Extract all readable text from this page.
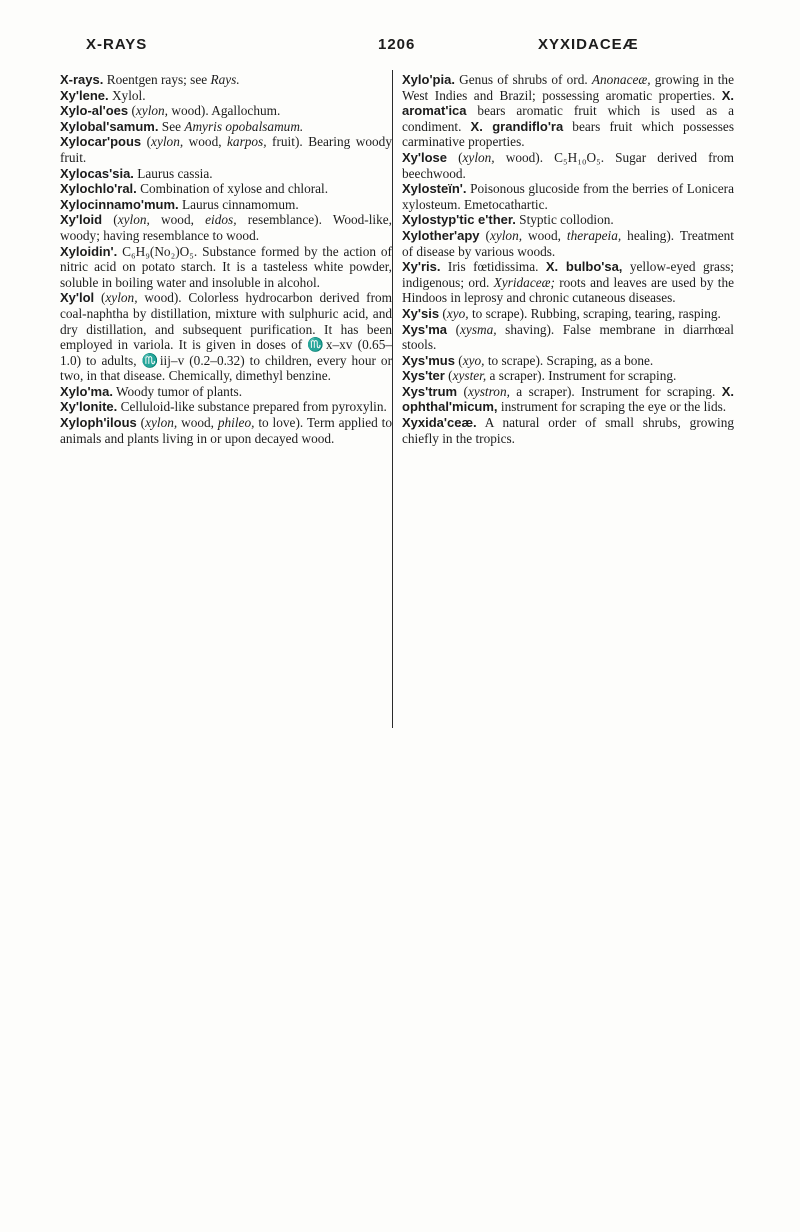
X-RAYS	1206	XYXIDACEÆ

X-rays. Roentgen rays; see Rays.

Xy'lene. Xylol.

Xylo-al'oes (xylon, wood). Agallochum.

Xylobal'samum. See Amyris opobalsamum.

Xylocar'pous (xylon, wood, karpos, fruit). Bearing woody fruit.

Xylocas'sia. Laurus cassia.

Xylochlo'ral. Combination of xylose and chloral.

Xylocinnamo'mum. Laurus cinnamomum.

Xy'loid (xylon, wood, eidos, resemblance). Wood-like, woody; having resemblance to wood.

Xyloidin'. C₆H₉(No₂)O₅. Substance formed by the action of nitric acid on potato starch. It is a tasteless white powder, soluble in boiling water and insoluble in alcohol.

Xy'lol (xylon, wood). Colorless hydrocarbon derived from coal-naphtha by distillation, mixture with sulphuric acid, and dry distillation, and subsequent purification. It has been employed in variola. It is given in doses of ♏x–xv (0.65–1.0) to adults, ♏iij–v (0.2–0.32) to children, every hour or two, in that disease. Chemically, dimethyl benzine.

Xylo'ma. Woody tumor of plants.

Xy'lonite. Celluloid-like substance prepared from pyroxylin.

Xyloph'ilous (xylon, wood, phileo, to love). Term applied to animals and plants living in or upon decayed wood.

Xylo'pia. Genus of shrubs of ord. Anonaceæ, growing in the West Indies and Brazil; possessing aromatic properties. X. aromat'ica bears aromatic fruit which is used as a condiment. X. grandiflo'ra bears fruit which possesses carminative properties.

Xy'lose (xylon, wood). C₅H₁₀O₅. Sugar derived from beechwood.

Xylosteïn'. Poisonous glucoside from the berries of Lonicera xylosteum. Emetocathartic.

Xylostyp'tic e'ther. Styptic collodion.

Xylother'apy (xylon, wood, therapeia, healing). Treatment of disease by various woods.

Xy'ris. Iris fœtidissima. X. bulbo'sa, yellow-eyed grass; indigenous; ord. Xyridaceæ; roots and leaves are used by the Hindoos in leprosy and chronic cutaneous diseases.

Xy'sis (xyo, to scrape). Rubbing, scraping, tearing, rasping.

Xys'ma (xysma, shaving). False membrane in diarrhœal stools.

Xys'mus (xyo, to scrape). Scraping, as a bone.

Xys'ter (xyster, a scraper). Instrument for scraping.

Xys'trum (xystron, a scraper). Instrument for scraping. X. ophthal'micum, instrument for scraping the eye or the lids.

Xyxida'ceæ. A natural order of small shrubs, growing chiefly in the tropics.
